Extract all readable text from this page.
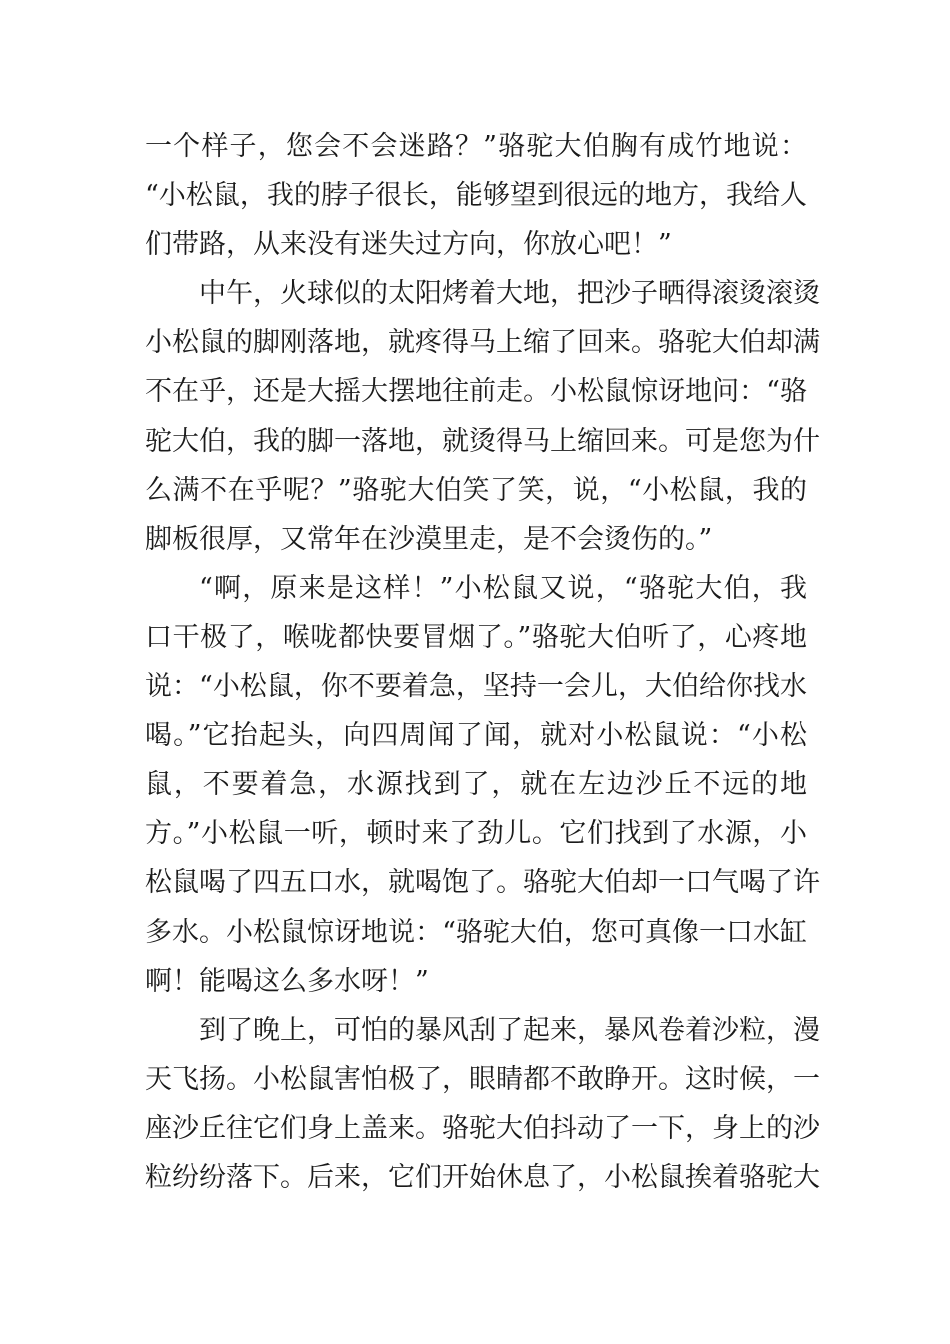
一个样子，您会不会迷路？”骆驼大伯胸有成竹地说：
“小松鼠，我的脖子很长，能够望到很远的地方，我给人
们带路，从来没有迷失过方向，你放心吧！”
中午，火球似的太阳烤着大地，把沙子晒得滚烫滚烫
小松鼠的脚刚落地，就疼得马上缩了回来。骆驼大伯却满
不在乎，还是大摇大摆地往前走。小松鼠惊讶地问：“骆
驼大伯，我的脚一落地，就烫得马上缩回来。可是您为什
么满不在乎呢？”骆驼大伯笑了笑，说，“小松鼠，我的
脚板很厚，又常年在沙漠里走，是不会烫伤的。”
“啊，原来是这样！”小松鼠又说，“骆驼大伯，我
口干极了，喉咙都快要冒烟了。”骆驼大伯听了，心疼地
说：“小松鼠，你不要着急，坚持一会儿，大伯给你找水
喝。”它抬起头，向四周闻了闻，就对小松鼠说：“小松
鼠，不要着急，水源找到了，就在左边沙丘不远的地
方。”小松鼠一听，顿时来了劲儿。它们找到了水源，小
松鼠喝了四五口水，就喝饱了。骆驼大伯却一口气喝了许
多水。小松鼠惊讶地说：“骆驼大伯，您可真像一口水缸
啊！能喝这么多水呀！”
到了晚上，可怕的暴风刮了起来，暴风卷着沙粒，漫
天飞扬。小松鼠害怕极了，眼睛都不敢睁开。这时候，一
座沙丘往它们身上盖来。骆驼大伯抖动了一下，身上的沙
粒纷纷落下。后来，它们开始休息了，小松鼠挨着骆驼大
